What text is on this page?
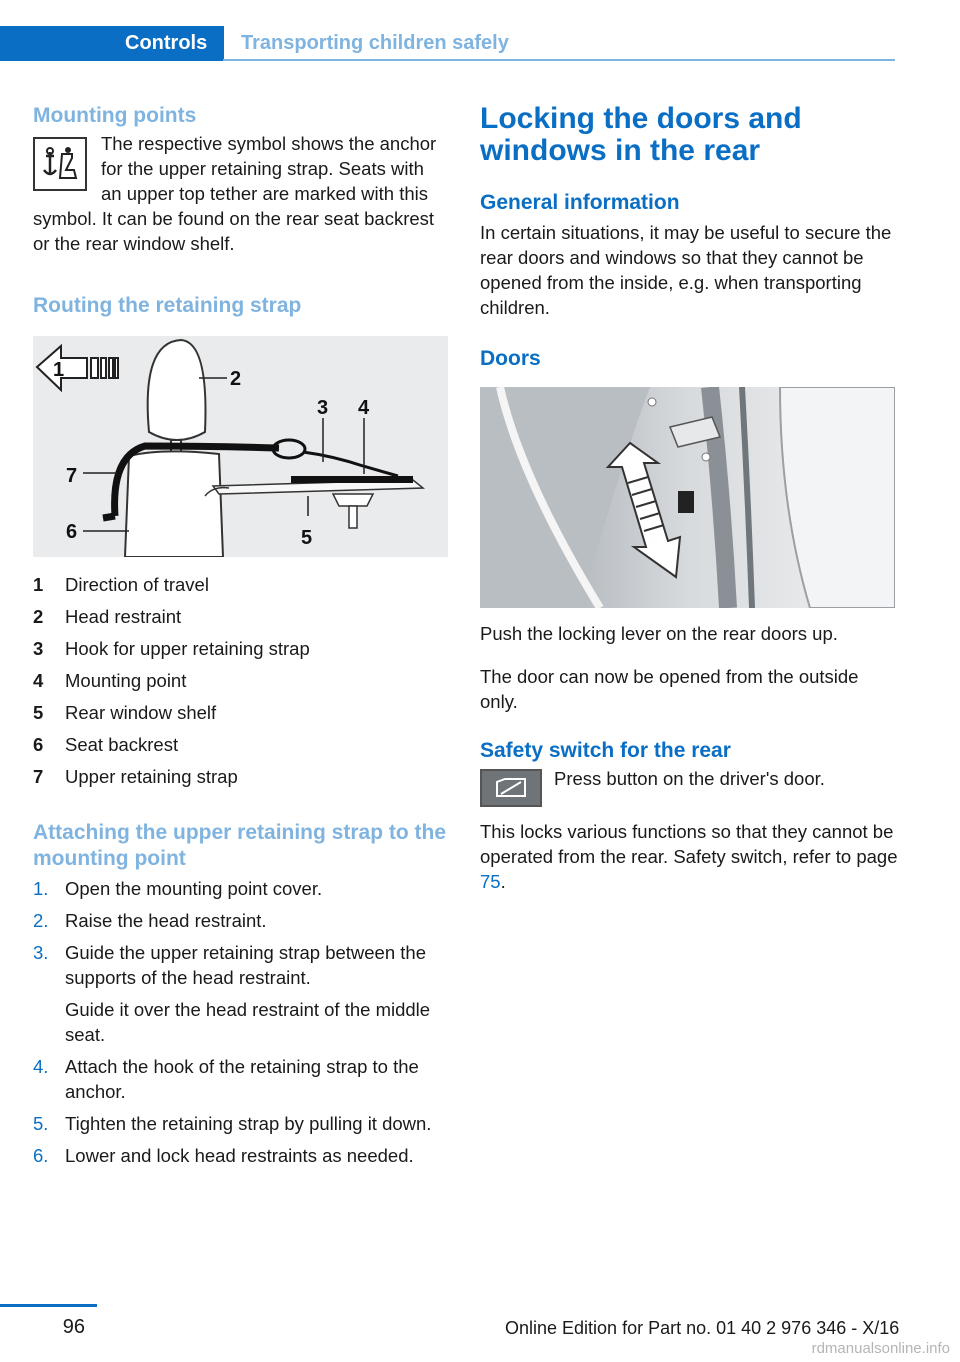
Controls	Transporting children safely
Mounting points

The respective symbol shows the anchor for the upper retaining strap. Seats with an upper top tether are marked with this symbol. It can be found on the rear seat backrest or the rear window shelf.

Routing the retaining strap
1	2
3 4
5
6
7
1	Direction of travel
2	Head restraint
3	Hook for upper retaining strap
4	Mounting point
5	Rear window shelf
6	Seat backrest
7	Upper retaining strap
Attaching the upper retaining strap to the mounting point
1. Open the mounting point cover.

2. Raise the head restraint.

3. Guide the upper retaining strap between the supports of the head restraint.

Guide it over the head restraint of the middle seat.

4. Attach the hook of the retaining strap to the anchor.

5. Tighten the retaining strap by pulling it down.

6. Lower and lock head restraints as needed.

Locking the doors and windows in the rear
General information

In certain situations, it may be useful to secure the rear doors and windows so that they cannot be opened from the inside, e.g. when transporting children.

Doors

Push the locking lever on the rear doors up.

The door can now be opened from the outside only.

Safety switch for the rear

Press button on the driver's door.

This locks various functions so that they cannot be operated from the rear. Safety switch, refer to page 75.

96	Online Edition for Part no. 01 40 2 976 346 - X/16
rdmanualsonline.info
